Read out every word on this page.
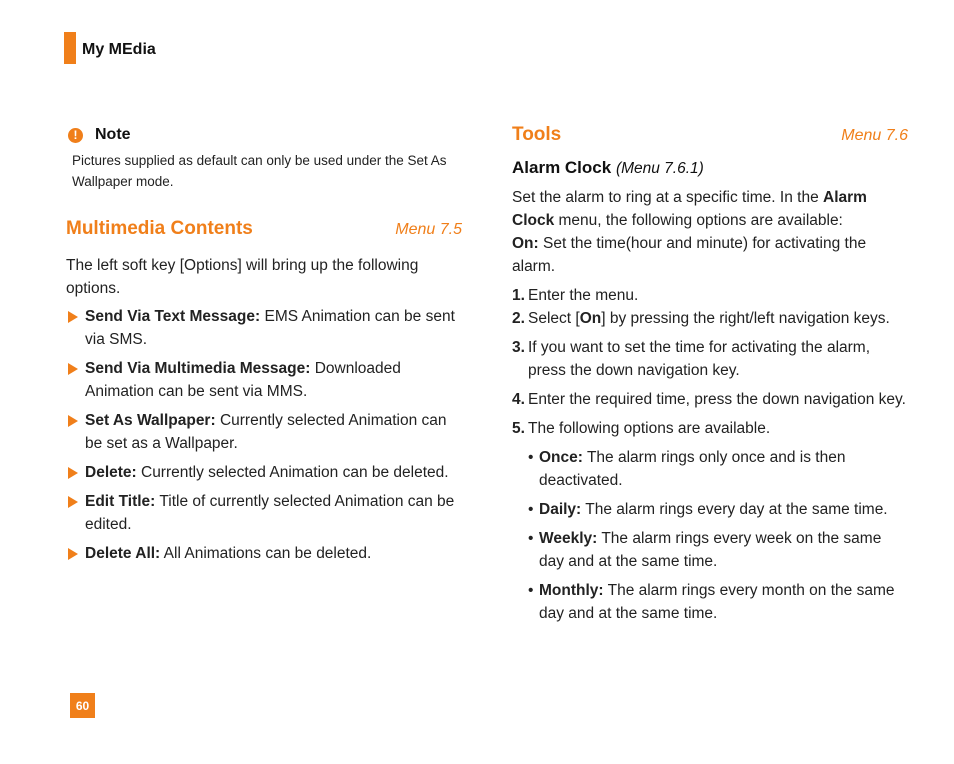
My MEdia
!	Note
Pictures supplied as default can only be used under the Set As Wallpaper mode.
Multimedia Contents	Menu 7.5

The left soft key [Options] will bring up the following options.

Send Via Text Message: EMS Animation can be sent via SMS.
Send Via Multimedia Message: Downloaded Animation can be sent via MMS.
Set As Wallpaper: Currently selected Animation can be set as a Wallpaper.
Delete: Currently selected Animation can be deleted.
Edit Title: Title of currently selected Animation can be edited.
Delete All: All Animations can be deleted.
Tools	Menu 7.6
Alarm Clock (Menu 7.6.1)

Set the alarm to ring at a specific time. In the Alarm Clock menu, the following options are available:

On: Set the time(hour and minute) for activating the alarm.

1. Enter the menu.
2. Select [On] by pressing the right/left navigation keys.
3. If you want to set the time for activating the alarm, press the down navigation key.
4. Enter the required time, press the down navigation key.
5. The following options are available.
• Once: The alarm rings only once and is then deactivated.
• Daily: The alarm rings every day at the same time.
• Weekly: The alarm rings every week on the same day and at the same time.
• Monthly: The alarm rings every month on the same day and at the same time.
60
